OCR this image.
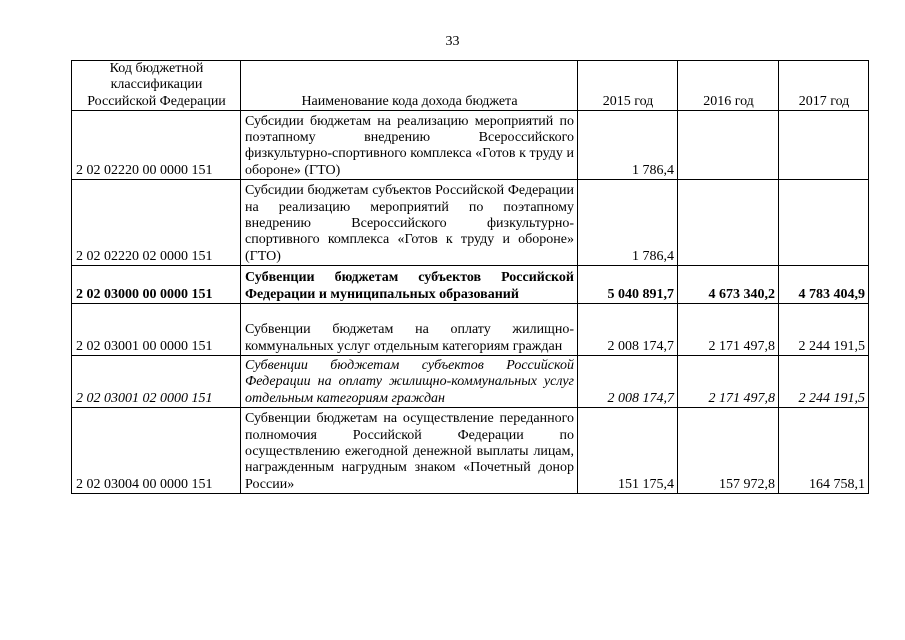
33
Код бюджетной классификации Российской Федерации	Наименование кода дохода бюджета	2015 год	2016 год	2017 год
2 02 02220 00 0000 151	Субсидии бюджетам на реализацию мероприятий по поэтапному внедрению Всероссийского физкультурно-спортивного комплекса «Готов к труду и обороне» (ГТО)	1 786,4		
2 02 02220 02 0000 151	Субсидии бюджетам субъектов Российской Федерации на реализацию мероприятий по поэтапному внедрению Всероссийского физкультурно-спортивного комплекса «Готов к труду и обороне» (ГТО)	1 786,4		
2 02 03000 00 0000 151	Субвенции бюджетам субъектов Российской Федерации и муниципальных образований	5 040 891,7	4 673 340,2	4 783 404,9
2 02 03001 00 0000 151	Субвенции бюджетам на оплату жилищно-коммунальных услуг отдельным категориям граждан	2 008 174,7	2 171 497,8	2 244 191,5
2 02 03001 02 0000 151	Субвенции бюджетам субъектов Российской Федерации на оплату жилищно-коммунальных услуг отдельным категориям граждан	2 008 174,7	2 171 497,8	2 244 191,5
2 02 03004 00 0000 151	Субвенции бюджетам на осуществление переданного полномочия Российской Федерации по осуществлению ежегодной денежной выплаты лицам, награжденным нагрудным знаком «Почетный донор России»	151 175,4	157 972,8	164 758,1
